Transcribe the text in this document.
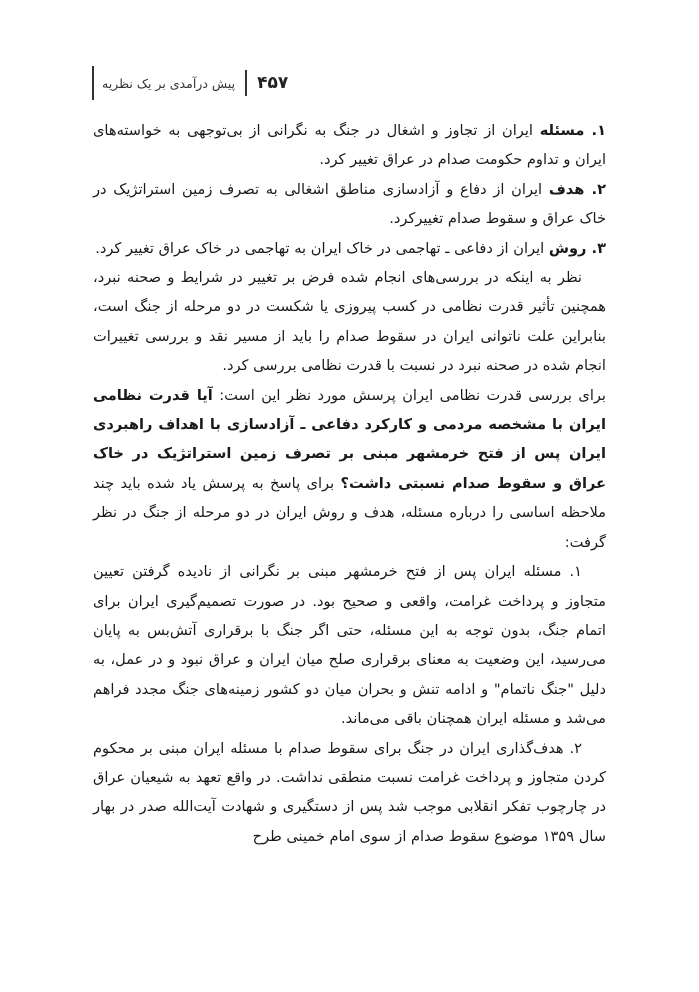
۴۵۷
پیش درآمدی بر یک نظریه

۱. مسئله ایران از تجاوز و اشغال در جنگ به نگرانی از بی‌توجهی به خواسته‌های ایران و تداوم حکومت صدام در عراق تغییر کرد.

۲. هدف ایران از دفاع و آزادسازی مناطق اشغالی به تصرف زمین استراتژیک در خاک عراق و سقوط صدام تغییرکرد.

۳. روش ایران از دفاعی ـ تهاجمی در خاک ایران به تهاجمی در خاک عراق تغییر کرد.

نظر به اینکه در بررسی‌های انجام شده فرض بر تغییر در شرایط و صحنه نبرد، همچنین تأثیر قدرت نظامی در کسب پیروزی یا شکست در دو مرحله از جنگ است، بنابراین علت ناتوانی ایران در سقوط صدام را باید از مسیر نقد و بررسی تغییرات انجام شده در صحنه نبرد در نسبت با قدرت نظامی بررسی کرد.

برای بررسی قدرت نظامی ایران پرسش مورد نظر این است: آیا قدرت نظامی ایران با مشخصه مردمی و کارکرد دفاعی ـ آزادسازی با اهداف راهبردی ایران پس از فتح خرمشهر مبنی بر تصرف زمین استراتژیک در خاک عراق و سقوط صدام نسبتی داشت؟ برای پاسخ به پرسش یاد شده باید چند ملاحظه اساسی را درباره مسئله، هدف و روش ایران در دو مرحله از جنگ در نظر گرفت:

۱. مسئله ایران پس از فتح خرمشهر مبنی بر نگرانی از نادیده گرفتن تعیین متجاوز و پرداخت غرامت، واقعی و صحیح بود. در صورت تصمیم‌گیری ایران برای اتمام جنگ، بدون توجه به این مسئله، حتی اگر جنگ با برقراری آتش‌بس به پایان می‌رسید، این وضعیت به معنای برقراری صلح میان ایران و عراق نبود و در عمل، به دلیل "جنگ ناتمام" و ادامه تنش و بحران میان دو کشور زمینه‌های جنگ مجدد فراهم می‌شد و مسئله ایران همچنان باقی می‌ماند.

۲. هدف‌گذاری ایران در جنگ برای سقوط صدام با مسئله ایران مبنی بر محکوم کردن متجاوز و پرداخت غرامت نسبت منطقی نداشت. در واقع تعهد به شیعیان عراق در چارچوب تفکر انقلابی موجب شد پس از دستگیری و شهادت آیت‌الله صدر در بهار سال ۱۳۵۹ موضوع سقوط صدام از سوی امام خمینی طرح
